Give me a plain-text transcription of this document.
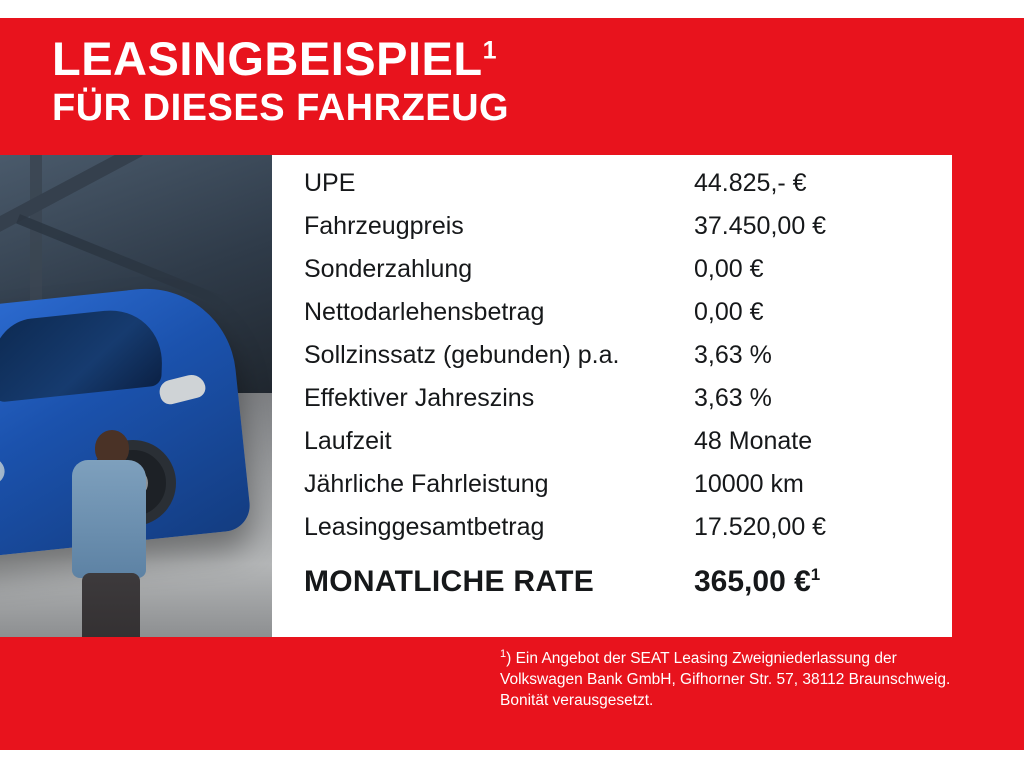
LEASINGBEISPIEL$^1$
FÜR DIESES FAHRZEUG
UPE	44.825,- €
Fahrzeugpreis	37.450,00 €
Sonderzahlung	0,00 €
Nettodarlehensbetrag	0,00 €
Sollzinssatz (gebunden) p.a.	3,63 %
Effektiver Jahreszins	3,63 %
Laufzeit	48 Monate
Jährliche Fahrleistung	10000 km
Leasinggesamtbetrag	17.520,00 €
MONATLICHE RATE	365,00 €$^1$
$^1$) Ein Angebot der SEAT Leasing Zweigniederlassung der Volkswagen Bank GmbH, Gifhorner Str. 57, 38112 Braunschweig. Bonität verausgesetzt.
